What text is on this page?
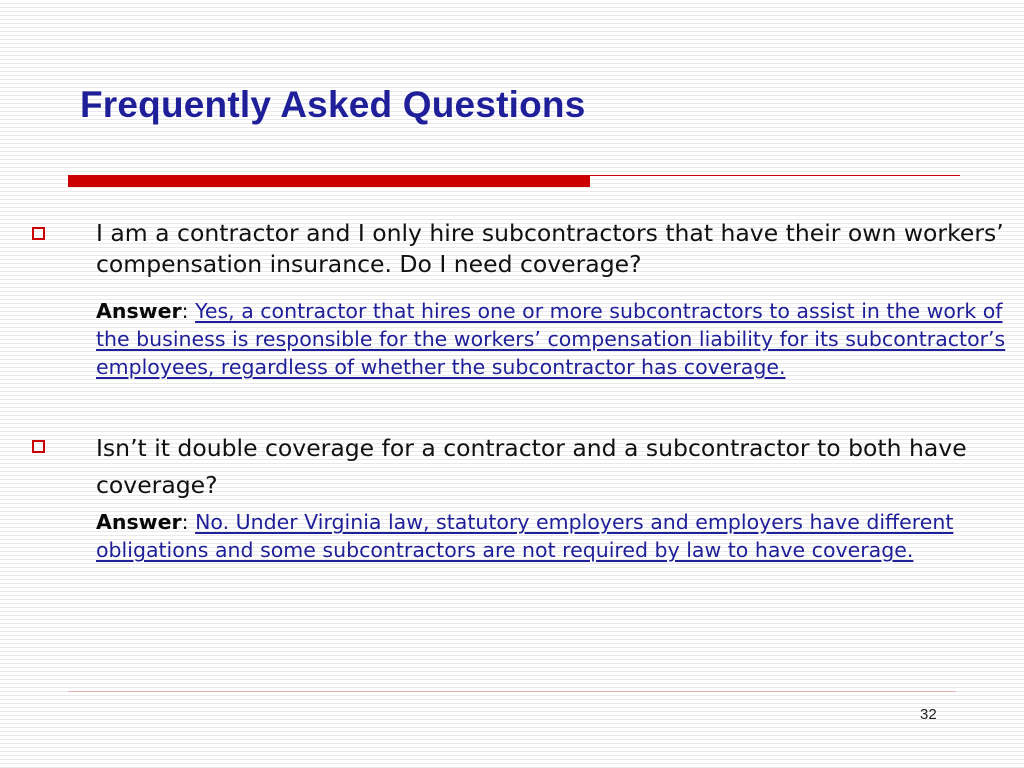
Frequently Asked Questions

I am a contractor and I only hire subcontractors that have their own workers’ compensation insurance. Do I need coverage?

Answer: Yes, a contractor that hires one or more subcontractors to assist in the work of the business is responsible for the workers’ compensation liability for its subcontractor’s employees, regardless of whether the subcontractor has coverage.

Isn’t it double coverage for a contractor and a subcontractor to both have coverage?

Answer: No. Under Virginia law, statutory employers and employers have different obligations and some subcontractors are not required by law to have coverage.

32
